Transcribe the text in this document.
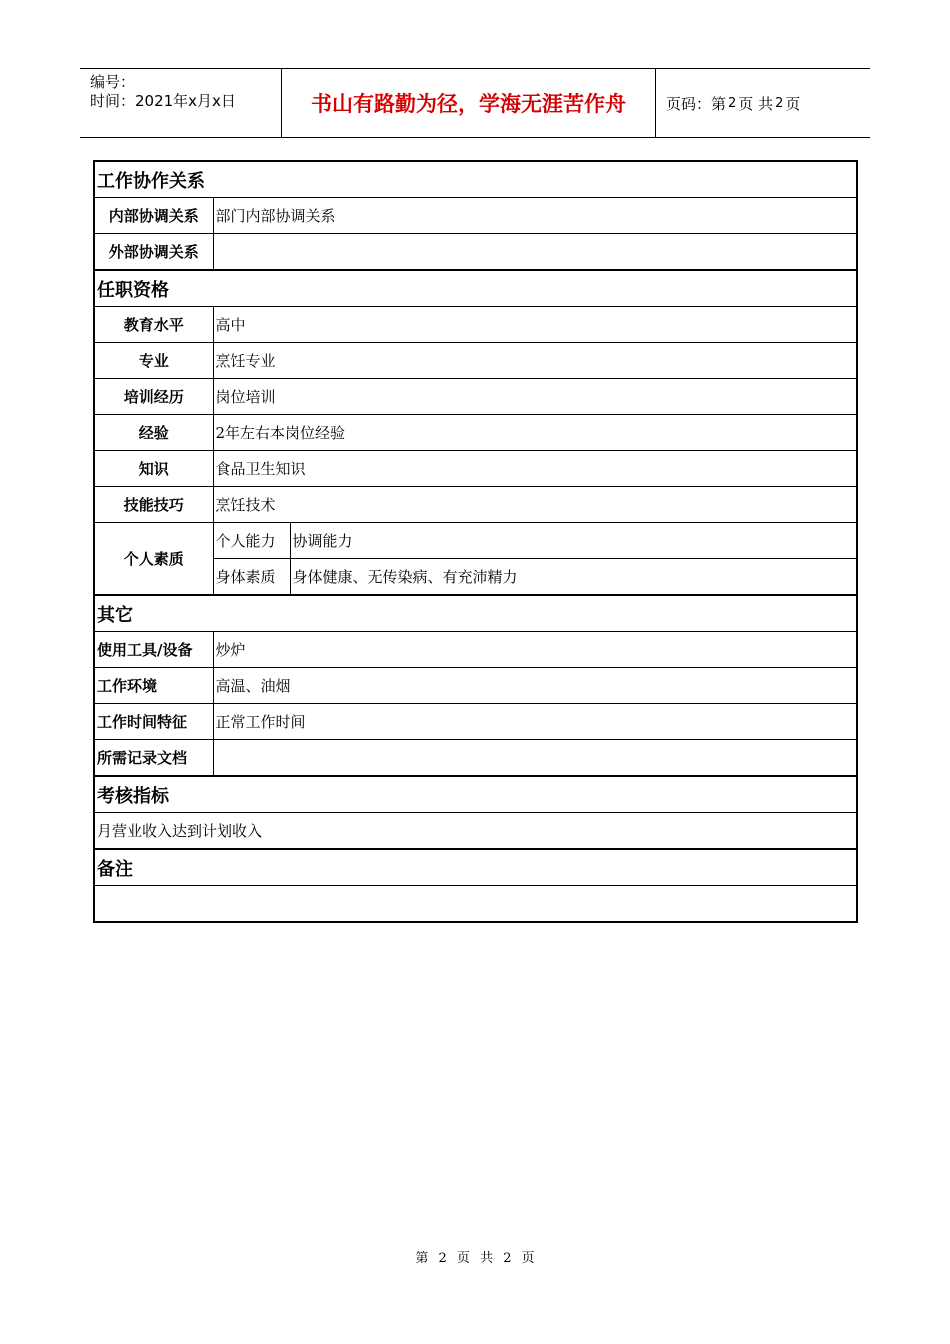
编号：
时间：2021年x月x日	书山有路勤为径，学海无涯苦作舟	页码：第 2 页 共 2 页
工作协作关系		
内部协调关系	部门内部协调关系	
外部协调关系		
任职资格		
教育水平	高中	
专业	烹饪专业	
培训经历	岗位培训	
经验	2年左右本岗位经验	
知识	食品卫生知识	
技能技巧	烹饪技术	
个人素质	个人能力	协调能力
	身体素质	身体健康、无传染病、有充沛精力
其它		
使用工具/设备	炒炉	
工作环境	高温、油烟	
工作时间特征	正常工作时间	
所需记录文档		
考核指标		
月营业收入达到计划收入		
备注		

第 2 页 共 2 页
